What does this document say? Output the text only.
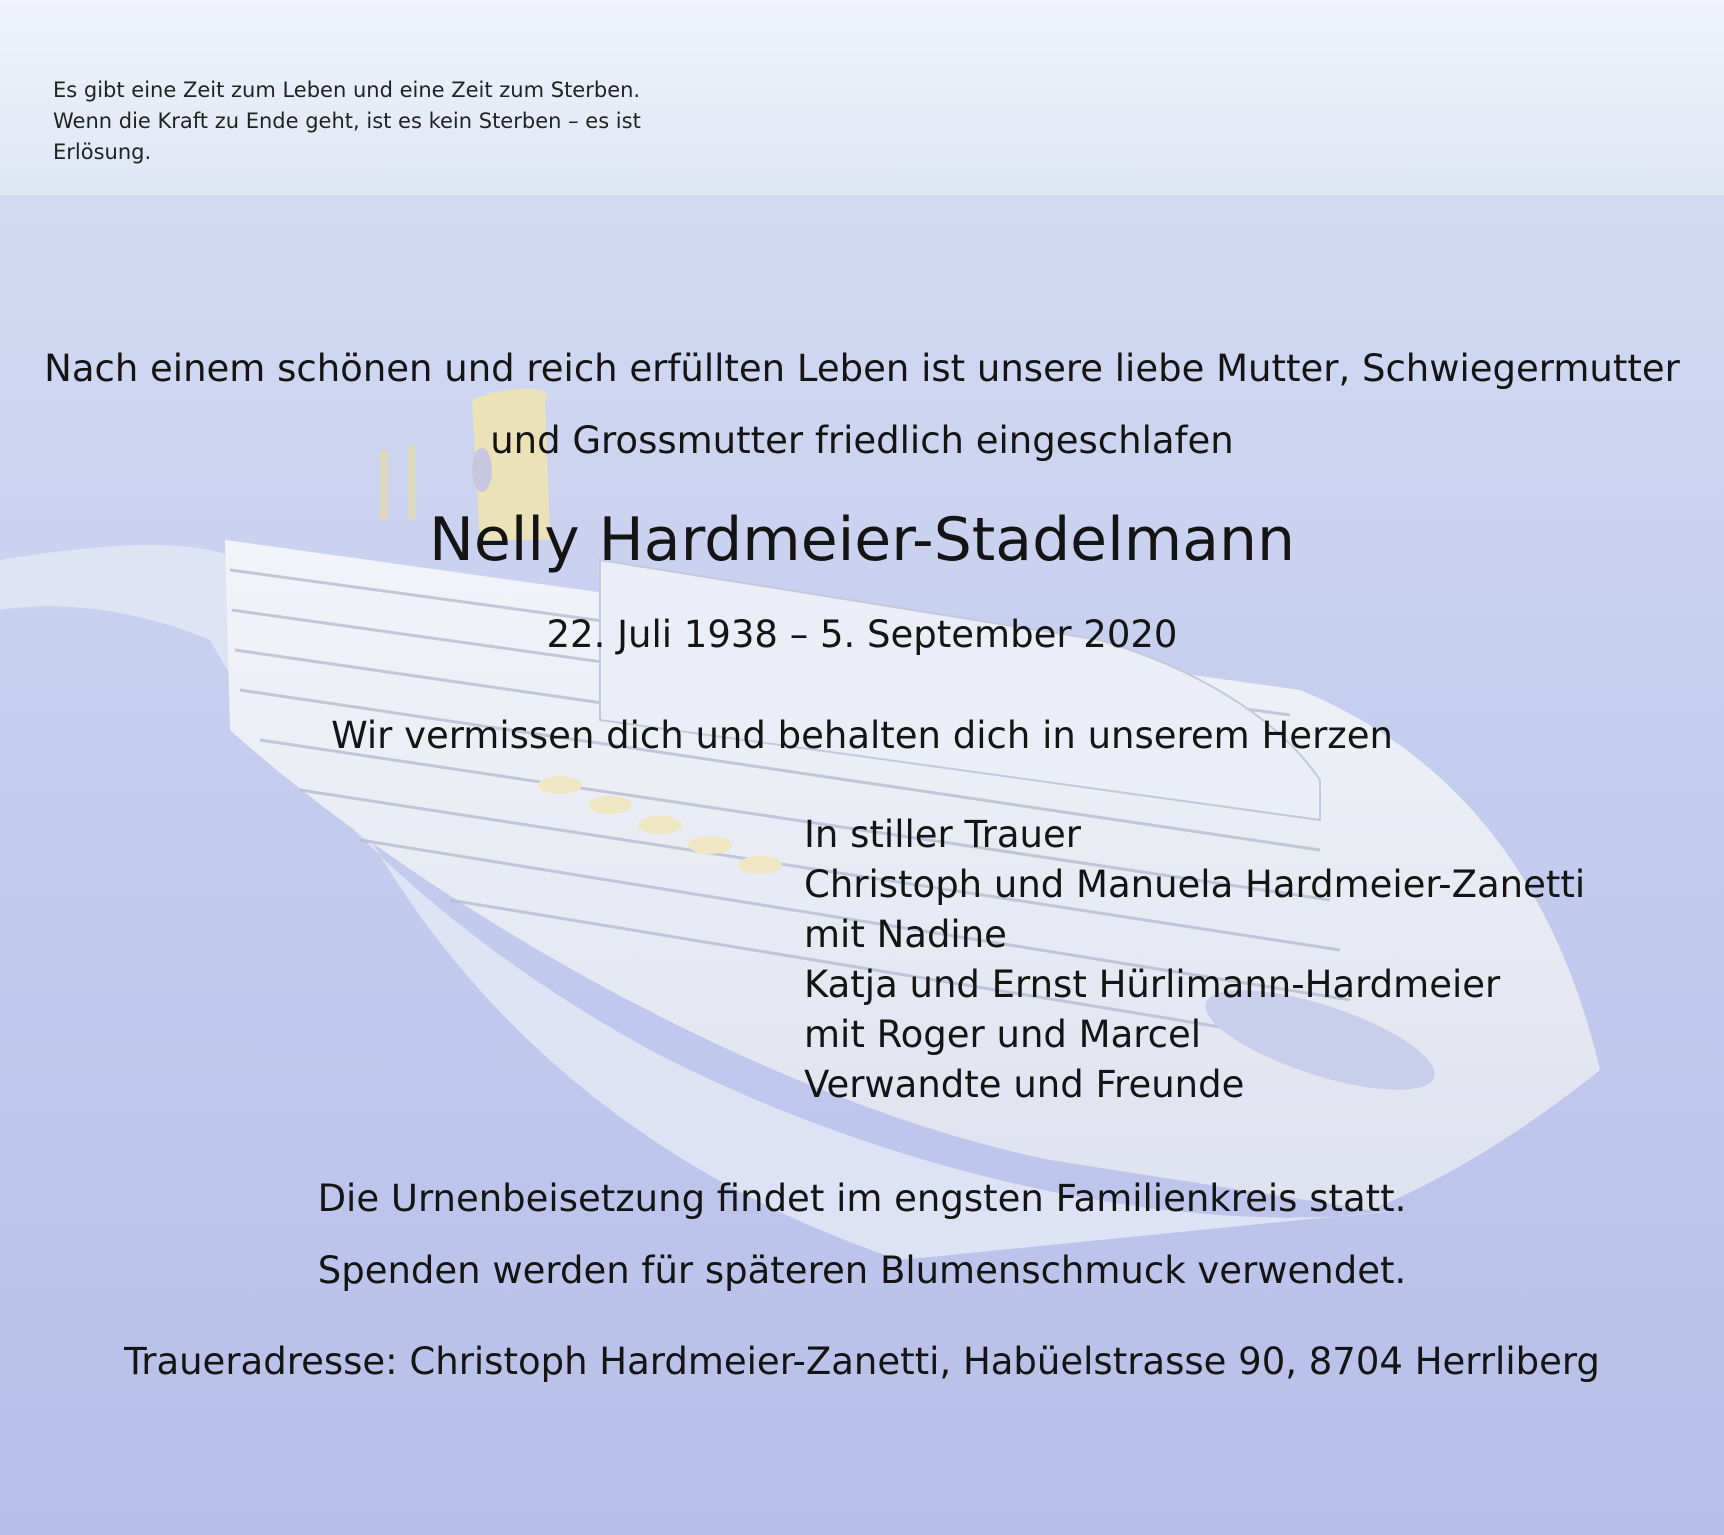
Es gibt eine Zeit zum Leben und eine Zeit zum Sterben.
Wenn die Kraft zu Ende geht, ist es kein Sterben – es ist
Erlösung.
Nach einem schönen und reich erfüllten Leben ist unsere liebe Mutter, Schwiegermutter
und Grossmutter friedlich eingeschlafen
Nelly Hardmeier-Stadelmann
22. Juli 1938 – 5. September 2020
Wir vermissen dich und behalten dich in unserem Herzen
In stiller Trauer
Christoph und Manuela Hardmeier-Zanetti
mit Nadine
Katja und Ernst Hürlimann-Hardmeier
mit Roger und Marcel
Verwandte und Freunde
Die Urnenbeisetzung findet im engsten Familienkreis statt.
Spenden werden für späteren Blumenschmuck verwendet.
Traueradresse: Christoph Hardmeier-Zanetti, Habüelstrasse 90, 8704 Herrliberg
